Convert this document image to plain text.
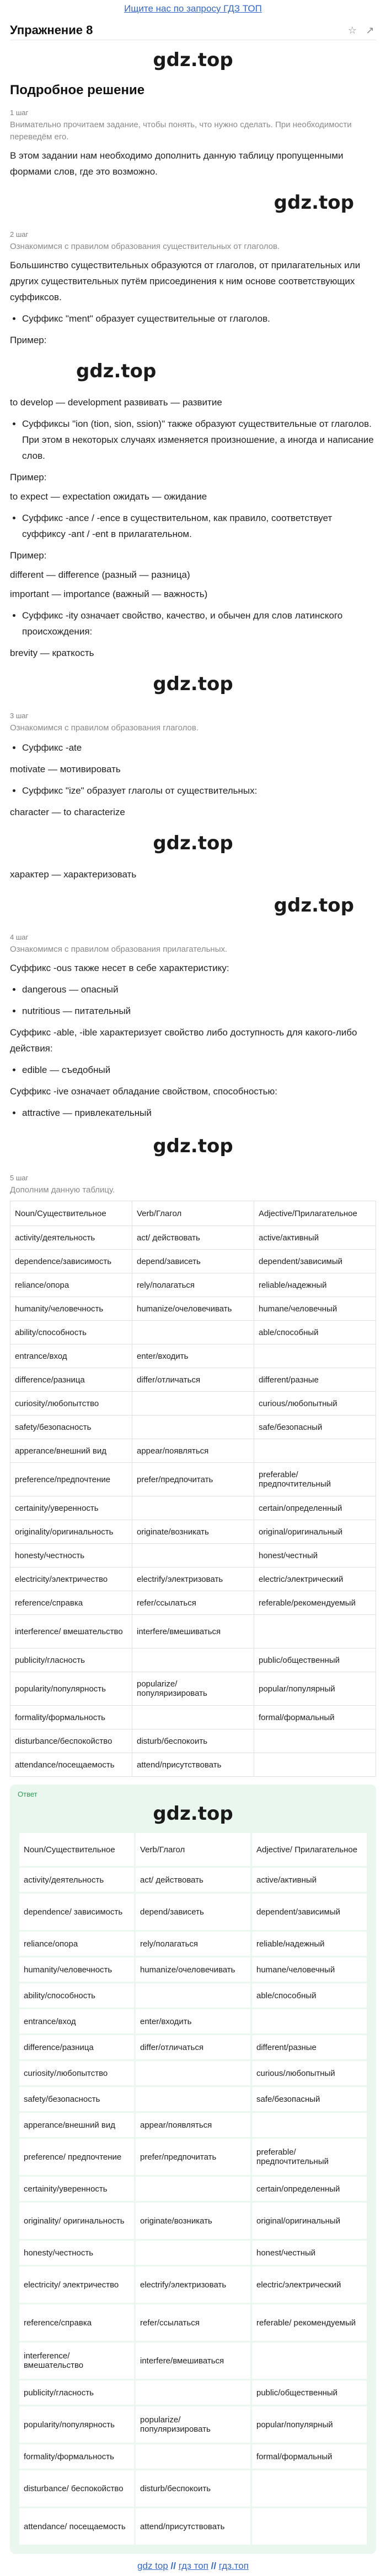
Ищите нас по запросу ГДЗ ТОП
Упражнение 8	☆ ↗
gdz.top
Подробное решение
1 шаг
Внимательно прочитаем задание, чтобы понять, что нужно сделать. При необходимости переведём его.

В этом задании нам необходимо дополнить данную таблицу пропущенными формами слов, где это возможно.

gdz.top
2 шаг
Ознакомимся с правилом образования существительных от глаголов.

Большинство существительных образуются от глаголов, от прилагательных или других существительных путём присоединения к ним основе соответствующих суффиксов.

• Суффикс "ment" образует существительные от глаголов.
Пример:
gdz.top
to develop — development развивать — развитие
• Суффиксы "ion (tion, sion, ssion)" также образуют существительные от глаголов. При этом в некоторых случаях изменяется произношение, а иногда и написание слов.
Пример:
to expect — expectation ожидать — ожидание
• Суффикс -ance / -ence в существительном, как правило, соответствует суффиксу -ant / -ent в прилагательном.
Пример:
different — difference (разный — разница)
important — importance (важный — важность)
• Суффикс -ity означает свойство, качество, и обычен для слов латинского происхождения:
brevity — краткость
gdz.top
3 шаг
Ознакомимся с правилом образования глаголов.
• Суффикс -ate
motivate — мотивировать
• Суффикс "ize" образует глаголы от существительных:
character — to characterize
gdz.top
характер — характеризовать
gdz.top
4 шаг
Ознакомимся с правилом образования прилагательных.

Суффикс -ous также несет в себе характеристику:

• dangerous — опасный
• nutritious — питательный

Суффикс -able, -ible характеризует свойство либо доступность для какого-либо действия:

• edible — съедобный

Суффикс -ive означает обладание свойством, способностью:

• attractive — привлекательный
gdz.top
5 шаг
Дополним данную таблицу.
Noun/Существительное	Verb/Глагол	Adjective/Прилагательное
activity/деятельность	act/ действовать	active/активный
dependence/зависимость	depend/зависеть	dependent/зависимый
reliance/опора	rely/полагаться	reliable/надежный
humanity/человечность	humanize/очеловечивать	humane/человечный
ability/способность		able/способный
entrance/вход	enter/входить	
difference/разница	differ/отличаться	different/разные
curiosity/любопытство		curious/любопытный
safety/безопасность		safe/безопасный
apperance/внешний вид	appear/появляться	
preference/предпочтение	prefer/предпочитать	preferable/ предпочтительный
certainity/уверенность		certain/определенный
originality/оригинальность	originate/возникать	original/оригинальный
honesty/честность		honest/честный
electricity/электричество	electrify/электризовать	electric/электрический
reference/справка	refer/ссылаться	referable/рекомендуемый
interference/ вмешательство	interfere/вмешиваться	
publicity/гласность		public/общественный
popularity/популярность	popularize/ популяризировать	popular/популярный
formality/формальность		formal/формальный
disturbance/беспокойство	disturb/беспокоить	
attendance/посещаемость	attend/присутствовать	
Ответ
gdz.top
Noun/Существительное	Verb/Глагол	Adjective/ Прилагательное
activity/деятельность	act/ действовать	active/активный
dependence/ зависимость	depend/зависеть	dependent/зависимый
reliance/опора	rely/полагаться	reliable/надежный
humanity/человечность	humanize/очеловечивать	humane/человечный
ability/способность		able/способный
entrance/вход	enter/входить	
difference/разница	differ/отличаться	different/разные
curiosity/любопытство		curious/любопытный
safety/безопасность		safe/безопасный
apperance/внешний вид	appear/появляться	
preference/ предпочтение	prefer/предпочитать	preferable/ предпочтительный
certainity/уверенность		certain/определенный
originality/ оригинальность	originate/возникать	original/оригинальный
honesty/честность		honest/честный
electricity/ электричество	electrify/электризовать	electric/электрический
reference/справка	refer/ссылаться	referable/ рекомендуемый
interference/ вмешательство	interfere/вмешиваться	
publicity/гласность		public/общественный
popularity/популярность	popularize/ популяризировать	popular/популярный
formality/формальность		formal/формальный
disturbance/ беспокойство	disturb/беспокоить	
attendance/ посещаемость	attend/присутствовать	
gdz top // гдз топ // гдз.топ
